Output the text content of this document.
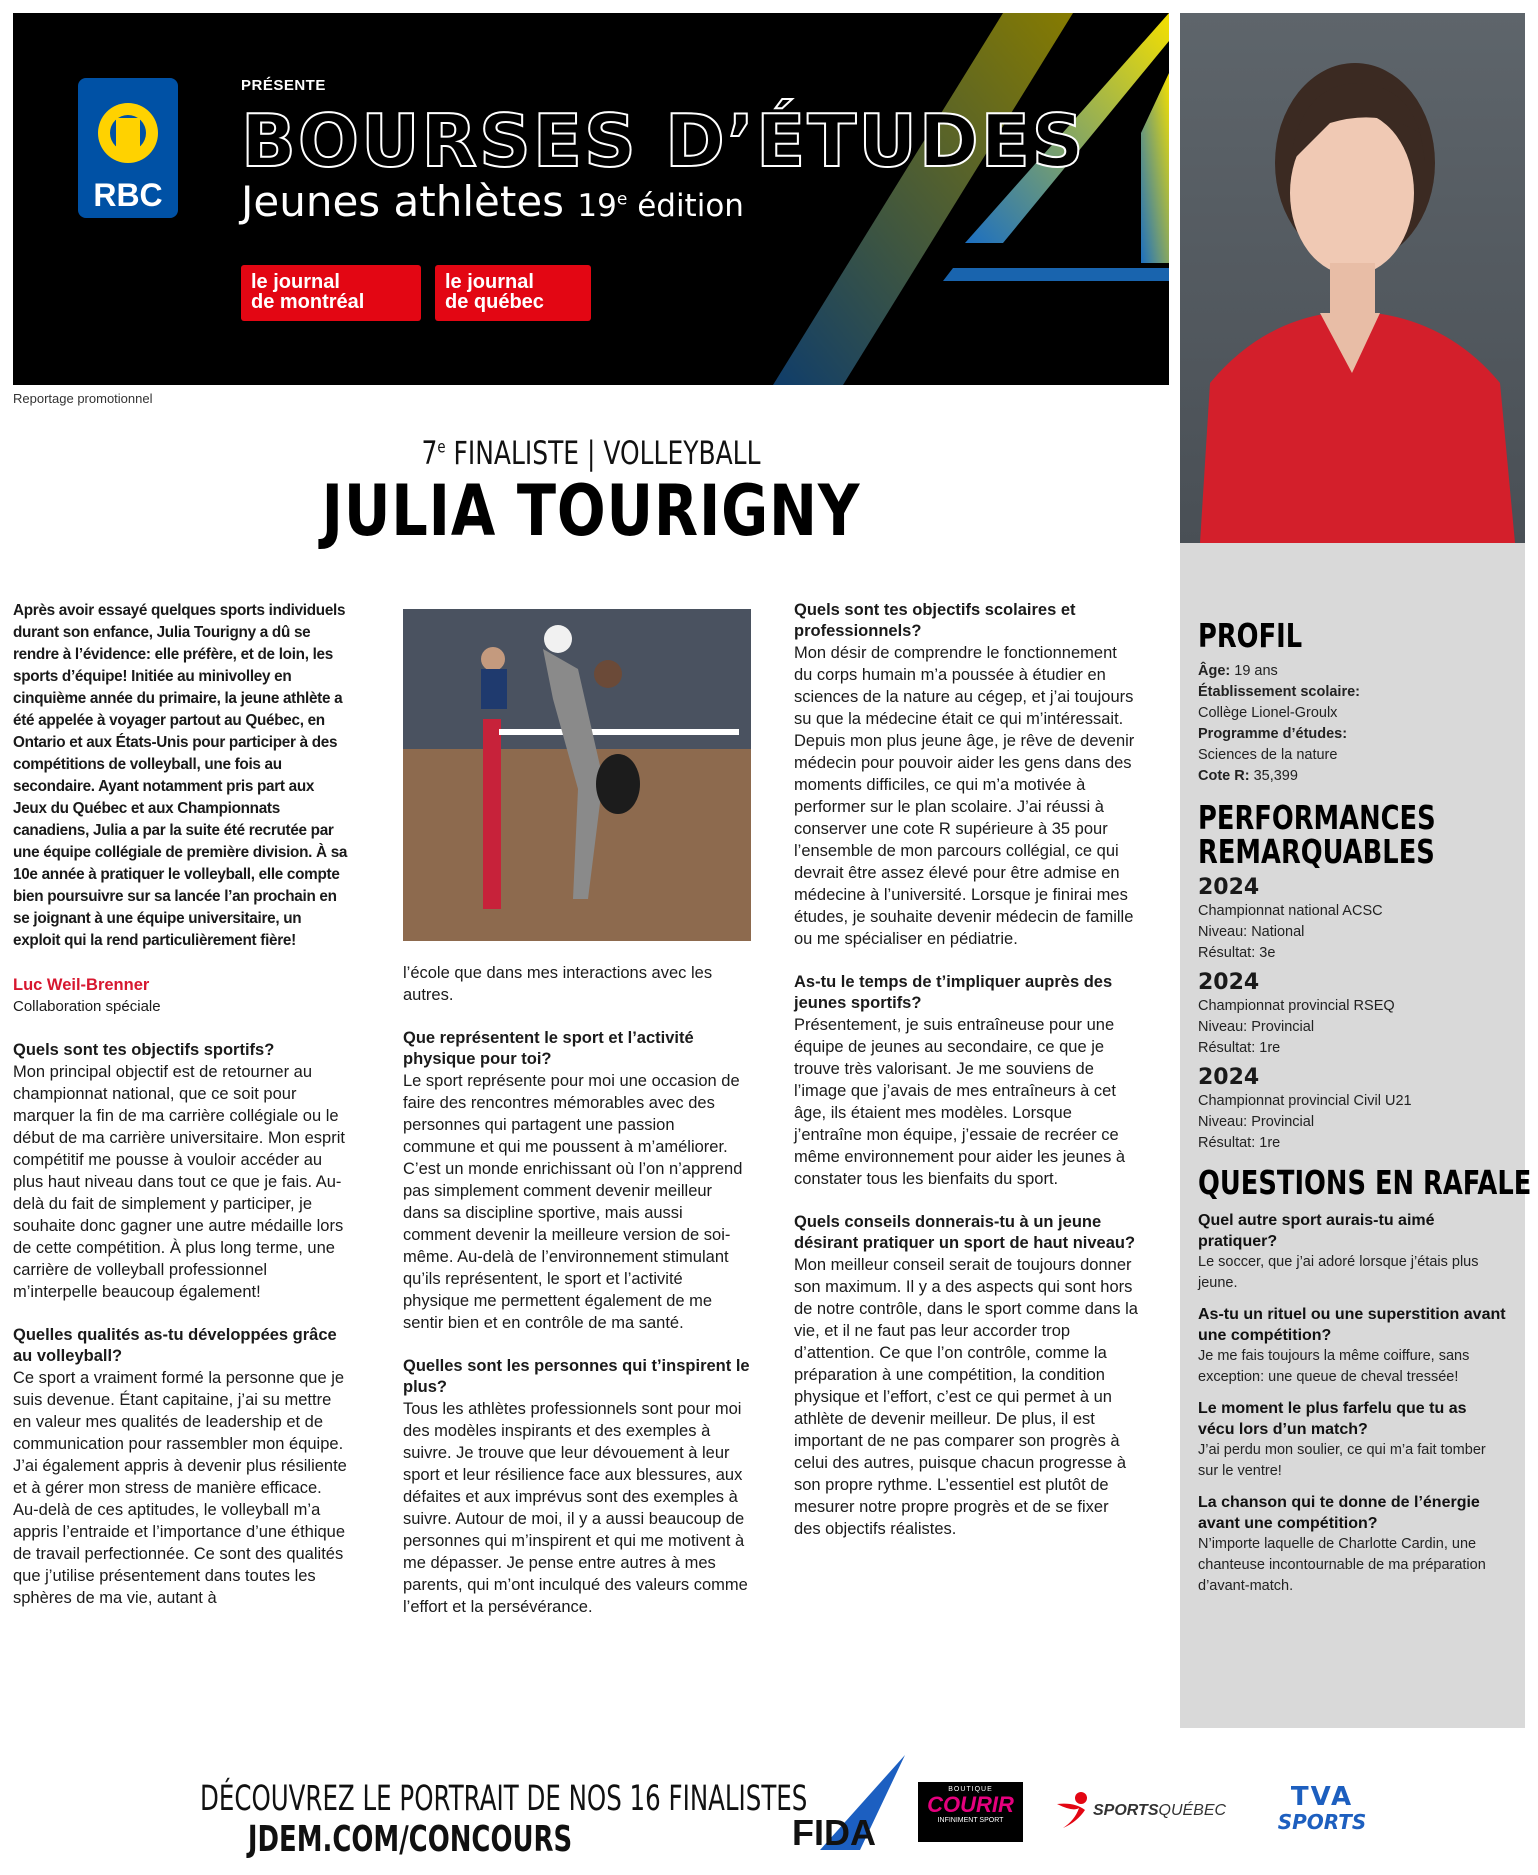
RBC
PRÉSENTE
BOURSES D’ÉTUDES
Jeunes athlètes 19e édition
le journal
de montréal
le journal
de québec
Reportage promotionnel
7e FINALISTE | VOLLEYBALL
JULIA TOURIGNY

Après avoir essayé quelques sports individuels durant son enfance, Julia Tourigny a dû se rendre à l’évidence: elle préfère, et de loin, les sports d’équipe! Initiée au minivolley en cinquième année du primaire, la jeune athlète a été appelée à voyager partout au Québec, en Ontario et aux États-Unis pour participer à des compétitions de volleyball, une fois au secondaire. Ayant notamment pris part aux Jeux du Québec et aux Championnats canadiens, Julia a par la suite été recrutée par une équipe collégiale de première division. À sa 10e année à pratiquer le volleyball, elle compte bien poursuivre sur sa lancée l’an prochain en se joignant à une équipe universitaire, un exploit qui la rend particulièrement fière!

Luc Weil-Brenner

Collaboration spéciale

Quels sont tes objectifs sportifs?

Mon principal objectif est de retourner au championnat national, que ce soit pour marquer la fin de ma carrière collégiale ou le début de ma carrière universitaire. Mon esprit compétitif me pousse à vouloir accéder au plus haut niveau dans tout ce que je fais. Au-delà du fait de simplement y participer, je souhaite donc gagner une autre médaille lors de cette compétition. À plus long terme, une carrière de volleyball professionnel m’interpelle beaucoup également!

Quelles qualités as-tu développées grâce au volleyball?

Ce sport a vraiment formé la personne que je suis devenue. Étant capitaine, j’ai su mettre en valeur mes qualités de leadership et de communication pour rassembler mon équipe. J’ai également appris à devenir plus résiliente et à gérer mon stress de manière efficace. Au-delà de ces aptitudes, le volleyball m’a appris l’entraide et l’importance d’une éthique de travail perfectionnée. Ce sont des qualités que j’utilise présentement dans toutes les sphères de ma vie, autant à

l’école que dans mes interactions avec les autres.

Que représentent le sport et l’activité physique pour toi?

Le sport représente pour moi une occasion de faire des rencontres mémorables avec des personnes qui partagent une passion commune et qui me poussent à m’améliorer. C’est un monde enrichissant où l’on n’apprend pas simplement comment devenir meilleur dans sa discipline sportive, mais aussi comment devenir la meilleure version de soi-même. Au-delà de l’environnement stimulant qu’ils représentent, le sport et l’activité physique me permettent également de me sentir bien et en contrôle de ma santé.

Quelles sont les personnes qui t’inspirent le plus?

Tous les athlètes professionnels sont pour moi des modèles inspirants et des exemples à suivre. Je trouve que leur dévouement à leur sport et leur résilience face aux blessures, aux défaites et aux imprévus sont des exemples à suivre. Autour de moi, il y a aussi beaucoup de personnes qui m’inspirent et qui me motivent à me dépasser. Je pense entre autres à mes parents, qui m’ont inculqué des valeurs comme l’effort et la persévérance.

Quels sont tes objectifs scolaires et professionnels?

Mon désir de comprendre le fonctionnement du corps humain m’a poussée à étudier en sciences de la nature au cégep, et j’ai toujours su que la médecine était ce qui m’intéressait. Depuis mon plus jeune âge, je rêve de devenir médecin pour pouvoir aider les gens dans des moments difficiles, ce qui m’a motivée à performer sur le plan scolaire. J’ai réussi à conserver une cote R supérieure à 35 pour l’ensemble de mon parcours collégial, ce qui devrait être assez élevé pour être admise en médecine à l’université. Lorsque je finirai mes études, je souhaite devenir médecin de famille ou me spécialiser en pédiatrie.

As-tu le temps de t’impliquer auprès des jeunes sportifs?

Présentement, je suis entraîneuse pour une équipe de jeunes au secondaire, ce que je trouve très valorisant. Je me souviens de l’image que j’avais de mes entraîneurs à cet âge, ils étaient mes modèles. Lorsque j’entraîne mon équipe, j’essaie de recréer ce même environnement pour aider les jeunes à constater tous les bienfaits du sport.

Quels conseils donnerais-tu à un jeune désirant pratiquer un sport de haut niveau?

Mon meilleur conseil serait de toujours donner son maximum. Il y a des aspects qui sont hors de notre contrôle, dans le sport comme dans la vie, et il ne faut pas leur accorder trop d’attention. Ce que l’on contrôle, comme la préparation à une compétition, la condition physique et l’effort, c’est ce qui permet à un athlète de devenir meilleur. De plus, il est important de ne pas comparer son progrès à celui des autres, puisque chacun progresse à son propre rythme. L’essentiel est plutôt de mesurer notre propre progrès et de se fixer des objectifs réalistes.

PROFIL
Âge: 19 ans
Établissement scolaire:
Collège Lionel-Groulx
Programme d’études:
Sciences de la nature
Cote R: 35,399
PERFORMANCES
REMARQUABLES
2024
Championnat national ACSC
Niveau: National
Résultat: 3e
2024
Championnat provincial RSEQ
Niveau: Provincial
Résultat: 1re
2024
Championnat provincial Civil U21
Niveau: Provincial
Résultat: 1re
QUESTIONS EN RAFALE
Quel autre sport aurais-tu aimé pratiquer?
Le soccer, que j’ai adoré lorsque j’étais plus jeune.
As-tu un rituel ou une superstition avant une compétition?
Je me fais toujours la même coiffure, sans exception: une queue de cheval tressée!
Le moment le plus farfelu que tu as vécu lors d’un match?
J’ai perdu mon soulier, ce qui m’a fait tomber sur le ventre!
La chanson qui te donne de l’énergie avant une compétition?
N’importe laquelle de Charlotte Cardin, une chanteuse incontournable de ma préparation d’avant-match.
DÉCOUVREZ LE PORTRAIT DE NOS 16 FINALISTES
JDEM.COM/CONCOURS	FIDA
BOUTIQUE
COURIR
INFINIMENT SPORT
SPORTSQUÉBEC	TVA
SPORTS
